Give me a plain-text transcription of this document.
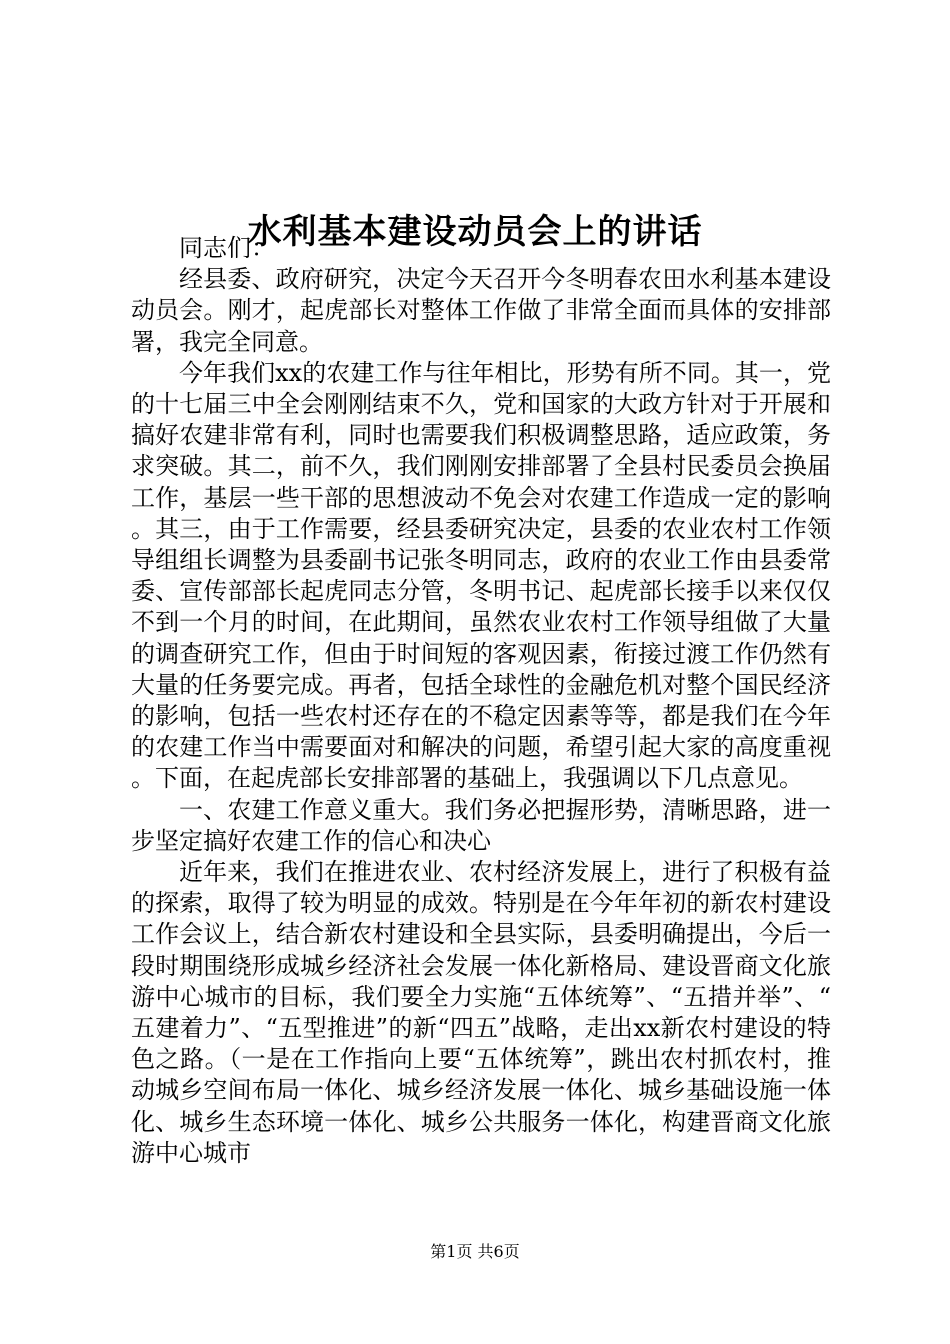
水利基本建设动员会上的讲话

同志们：

经县委、政府研究，决定今天召开今冬明春农田水利基本建设动员会。刚才，起虎部长对整体工作做了非常全面而具体的安排部署，我完全同意。

今年我们xx的农建工作与往年相比，形势有所不同。其一，党的十七届三中全会刚刚结束不久，党和国家的大政方针对于开展和搞好农建非常有利，同时也需要我们积极调整思路，适应政策，务求突破。其二，前不久，我们刚刚安排部署了全县村民委员会换届工作，基层一些干部的思想波动不免会对农建工作造成一定的影响。其三，由于工作需要，经县委研究决定，县委的农业农村工作领导组组长调整为县委副书记张冬明同志，政府的农业工作由县委常委、宣传部部长起虎同志分管，冬明书记、起虎部长接手以来仅仅不到一个月的时间，在此期间，虽然农业农村工作领导组做了大量的调查研究工作，但由于时间短的客观因素，衔接过渡工作仍然有大量的任务要完成。再者，包括全球性的金融危机对整个国民经济的影响，包括一些农村还存在的不稳定因素等等，都是我们在今年的农建工作当中需要面对和解决的问题，希望引起大家的高度重视。下面，在起虎部长安排部署的基础上，我强调以下几点意见。

一、农建工作意义重大。我们务必把握形势，清晰思路，进一步坚定搞好农建工作的信心和决心

近年来，我们在推进农业、农村经济发展上，进行了积极有益的探索，取得了较为明显的成效。特别是在今年年初的新农村建设工作会议上，结合新农村建设和全县实际，县委明确提出，今后一段时期围绕形成城乡经济社会发展一体化新格局、建设晋商文化旅游中心城市的目标，我们要全力实施“五体统筹”、“五措并举”、“五建着力”、“五型推进”的新“四五”战略，走出xx新农村建设的特色之路。（一是在工作指向上要“五体统筹”，跳出农村抓农村，推动城乡空间布局一体化、城乡经济发展一体化、城乡基础设施一体化、城乡生态环境一体化、城乡公共服务一体化，构建晋商文化旅游中心城市

第1页 共6页
